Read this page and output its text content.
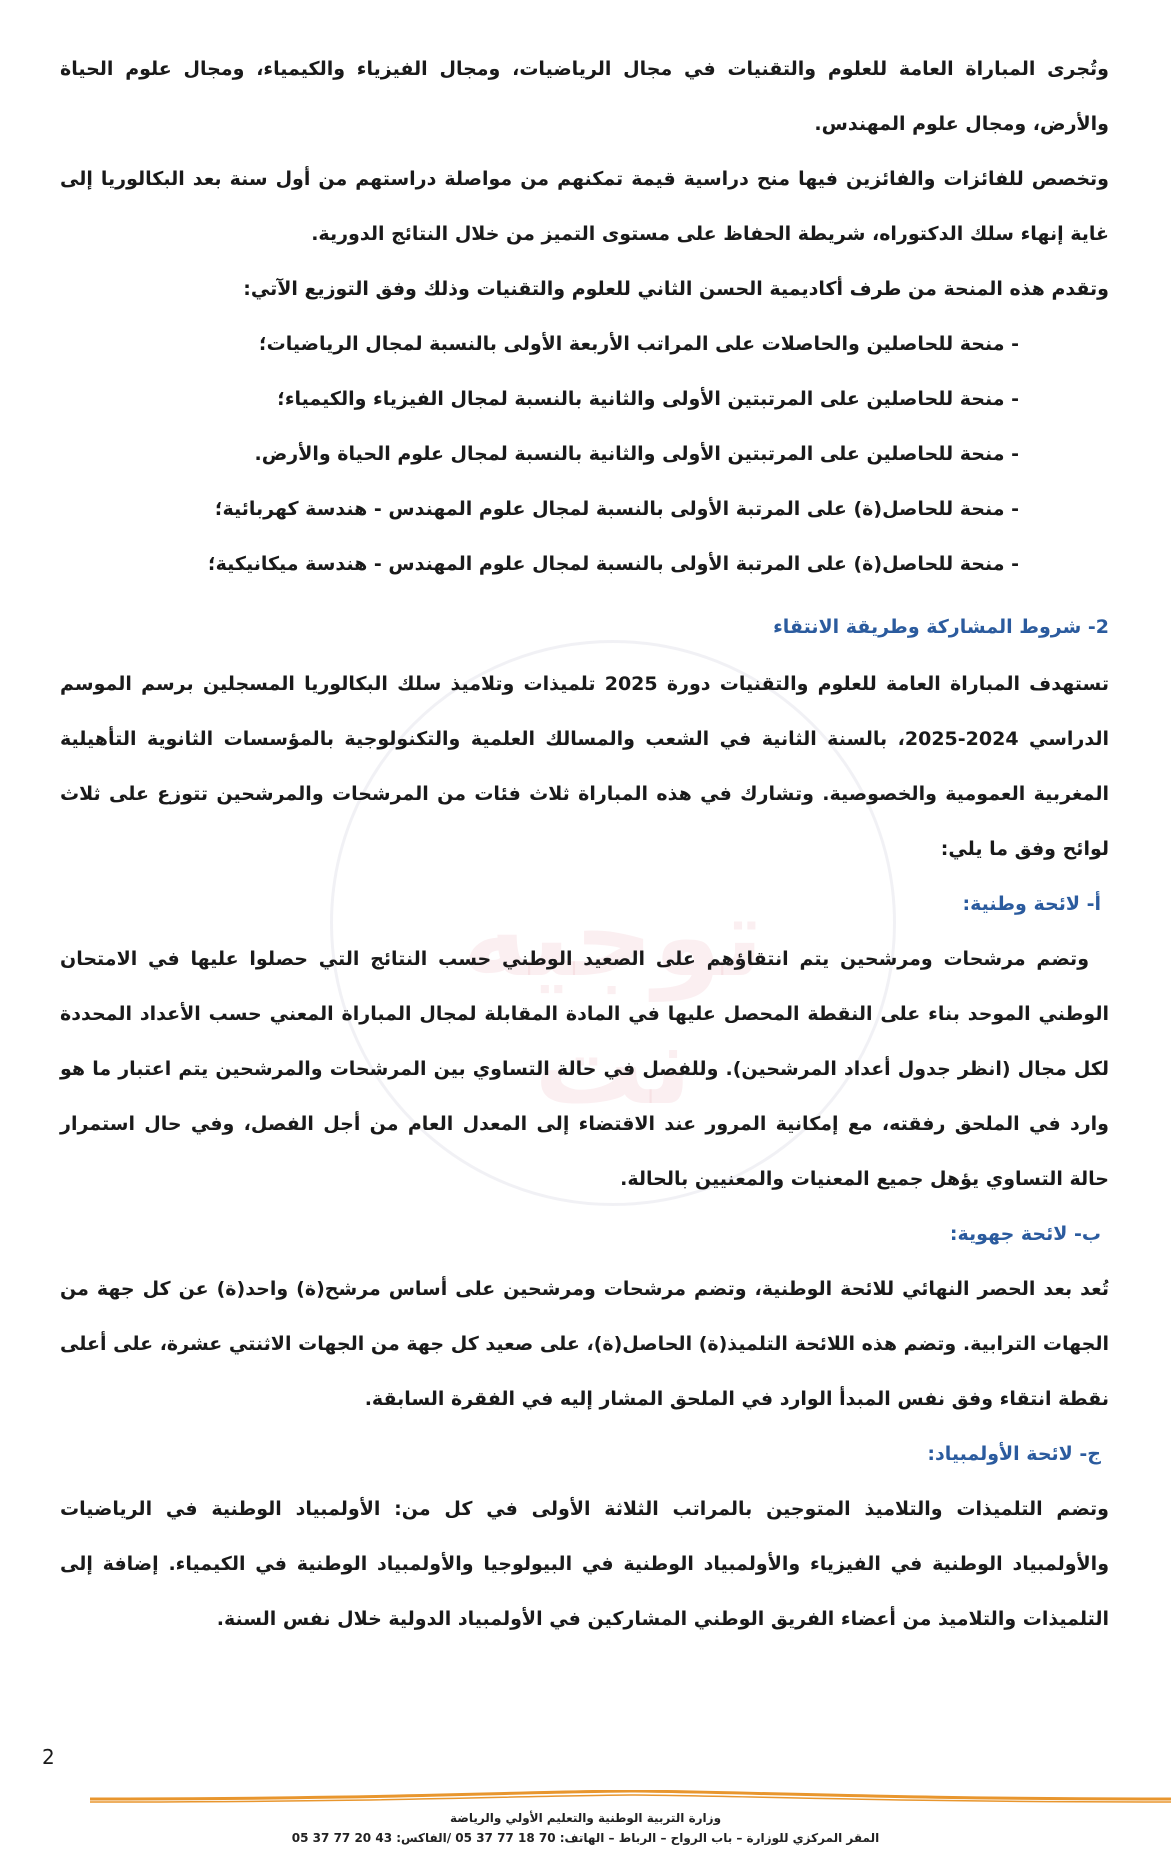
توجيه نت

وتُجرى المباراة العامة للعلوم والتقنيات في مجال الرياضيات، ومجال الفيزياء والكيمياء، ومجال علوم الحياة والأرض، ومجال علوم المهندس.

وتخصص للفائزات والفائزين فيها منح دراسية قيمة تمكنهم من مواصلة دراستهم من أول سنة بعد البكالوريا إلى غاية إنهاء سلك الدكتوراه، شريطة الحفاظ على مستوى التميز من خلال النتائج الدورية.

وتقدم هذه المنحة من طرف أكاديمية الحسن الثاني للعلوم والتقنيات وذلك وفق التوزيع الآتي:

- منحة للحاصلين والحاصلات على المراتب الأربعة الأولى بالنسبة لمجال الرياضيات؛
- منحة للحاصلين على المرتبتين الأولى والثانية بالنسبة لمجال الفيزياء والكيمياء؛
- منحة للحاصلين على المرتبتين الأولى والثانية بالنسبة لمجال علوم الحياة والأرض.
- منحة للحاصل(ة) على المرتبة الأولى بالنسبة لمجال علوم المهندس - هندسة كهربائية؛
- منحة للحاصل(ة) على المرتبة الأولى بالنسبة لمجال علوم المهندس - هندسة ميكانيكية؛

2- شروط المشاركة وطريقة الانتقاء

تستهدف المباراة العامة للعلوم والتقنيات دورة 2025 تلميذات وتلاميذ سلك البكالوريا المسجلين برسم الموسم الدراسي 2024-2025، بالسنة الثانية في الشعب والمسالك العلمية والتكنولوجية بالمؤسسات الثانوية التأهيلية المغربية العمومية والخصوصية. وتشارك في هذه المباراة ثلاث فئات من المرشحات والمرشحين تتوزع على ثلاث لوائح وفق ما يلي:

أ- لائحة وطنية:

وتضم مرشحات ومرشحين يتم انتقاؤهم على الصعيد الوطني حسب النتائج التي حصلوا عليها في الامتحان الوطني الموحد بناء على النقطة المحصل عليها في المادة المقابلة لمجال المباراة المعني حسب الأعداد المحددة لكل مجال (انظر جدول أعداد المرشحين). وللفصل في حالة التساوي بين المرشحات والمرشحين يتم اعتبار ما هو وارد في الملحق رفقته، مع إمكانية المرور عند الاقتضاء إلى المعدل العام من أجل الفصل، وفي حال استمرار حالة التساوي يؤهل جميع المعنيات والمعنيين بالحالة.

ب- لائحة جهوية:

تُعد بعد الحصر النهائي للائحة الوطنية، وتضم مرشحات ومرشحين على أساس مرشح(ة) واحد(ة) عن كل جهة من الجهات الترابية. وتضم هذه اللائحة التلميذ(ة) الحاصل(ة)، على صعيد كل جهة من الجهات الاثنتي عشرة، على أعلى نقطة انتقاء وفق نفس المبدأ الوارد في الملحق المشار إليه في الفقرة السابقة.

ج- لائحة الأولمبياد:

وتضم التلميذات والتلاميذ المتوجين بالمراتب الثلاثة الأولى في كل من: الأولمبياد الوطنية في الرياضيات والأولمبياد الوطنية في الفيزياء والأولمبياد الوطنية في البيولوجيا والأولمبياد الوطنية في الكيمياء. إضافة إلى التلميذات والتلاميذ من أعضاء الفريق الوطني المشاركين في الأولمبياد الدولية خلال نفس السنة.

2
وزارة التربية الوطنية والتعليم الأولي والرياضة
المقر المركزي للوزارة – باب الرواح – الرباط – الهاتف: 70 18 77 37 05 /الفاكس: 43 20 77 37 05
